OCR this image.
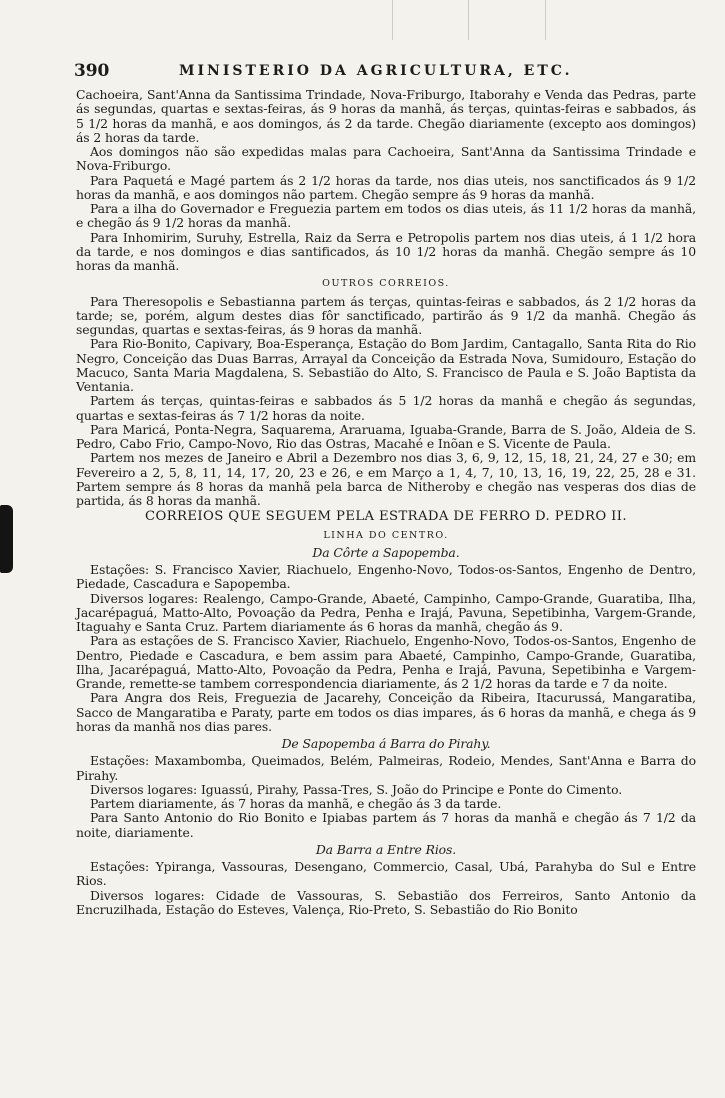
390	MINISTERIO DA AGRICULTURA, ETC.

Cachoeira, Sant'Anna da Santissima Trindade, Nova-Friburgo, Itaborahy e Venda das Pedras, parte ás segundas, quartas e sextas-feiras, ás 9 horas da manhã, ás terças, quintas-feiras e sabbados, ás 5 1/2 horas da manhã, e aos domingos, ás 2 da tarde. Chegão diariamente (excepto aos domingos) ás 2 horas da tarde.

Aos domingos não são expedidas malas para Cachoeira, Sant'Anna da Santissima Trindade e Nova-Friburgo.

Para Paquetá e Magé partem ás 2 1/2 horas da tarde, nos dias uteis, nos sanctificados ás 9 1/2 horas da manhã, e aos domingos não partem. Chegão sempre ás 9 horas da manhã.

Para a ilha do Governador e Freguezia partem em todos os dias uteis, ás 11 1/2 horas da manhã, e chegão ás 9 1/2 horas da manhã.

Para Inhomirim, Suruhy, Estrella, Raiz da Serra e Petropolis partem nos dias uteis, á 1 1/2 hora da tarde, e nos domingos e dias santificados, ás 10 1/2 horas da manhã. Chegão sempre ás 10 horas da manhã.

OUTROS CORREIOS.

Para Theresopolis e Sebastianna partem ás terças, quintas-feiras e sabbados, ás 2 1/2 horas da tarde; se, porém, algum destes dias fôr sanctificado, partirão ás 9 1/2 da manhã. Chegão ás segundas, quartas e sextas-feiras, ás 9 horas da manhã.

Para Rio-Bonito, Capivary, Boa-Esperança, Estação do Bom Jardim, Cantagallo, Santa Rita do Rio Negro, Conceição das Duas Barras, Arrayal da Conceição da Estrada Nova, Sumidouro, Estação do Macuco, Santa Maria Magdalena, S. Sebastião do Alto, S. Francisco de Paula e S. João Baptista da Ventania.

Partem ás terças, quintas-feiras e sabbados ás 5 1/2 horas da manhã e chegão ás segundas, quartas e sextas-feiras ás 7 1/2 horas da noite.

Para Maricá, Ponta-Negra, Saquarema, Araruama, Iguaba-Grande, Barra de S. João, Aldeia de S. Pedro, Cabo Frio, Campo-Novo, Rio das Ostras, Macahé e Inõan e S. Vicente de Paula.

Partem nos mezes de Janeiro e Abril a Dezembro nos dias 3, 6, 9, 12, 15, 18, 21, 24, 27 e 30; em Fevereiro a 2, 5, 8, 11, 14, 17, 20, 23 e 26, e em Março a 1, 4, 7, 10, 13, 16, 19, 22, 25, 28 e 31. Partem sempre ás 8 horas da manhã pela barca de Nitheroby e chegão nas vesperas dos dias de partida, ás 8 horas da manhã.

CORREIOS QUE SEGUEM PELA ESTRADA DE FERRO D. PEDRO II.
LINHA DO CENTRO.
Da Côrte a Sapopemba.

Estações: S. Francisco Xavier, Riachuelo, Engenho-Novo, Todos-os-Santos, Engenho de Dentro, Piedade, Cascadura e Sapopemba.

Diversos logares: Realengo, Campo-Grande, Abaeté, Campinho, Campo-Grande, Guaratiba, Ilha, Jacarépaguá, Matto-Alto, Povoação da Pedra, Penha e Irajá, Pavuna, Sepetibinha, Vargem-Grande, Itaguahy e Santa Cruz. Partem diariamente ás 6 horas da manhã, chegão ás 9.

Para as estações de S. Francisco Xavier, Riachuelo, Engenho-Novo, Todos-os-Santos, Engenho de Dentro, Piedade e Cascadura, e bem assim para Abaeté, Campinho, Campo-Grande, Guaratiba, Ilha, Jacarépaguá, Matto-Alto, Povoação da Pedra, Penha e Irajá, Pavuna, Sepetibinha e Vargem-Grande, remette-se tambem correspondencia diariamente, ás 2 1/2 horas da tarde e 7 da noite.

Para Angra dos Reis, Freguezia de Jacarehy, Conceição da Ribeira, Itacurussá, Mangaratiba, Sacco de Mangaratiba e Paraty, parte em todos os dias impares, ás 6 horas da manhã, e chega ás 9 horas da manhã nos dias pares.

De Sapopemba á Barra do Pirahy.

Estações: Maxambomba, Queimados, Belém, Palmeiras, Rodeio, Mendes, Sant'Anna e Barra do Pirahy.

Diversos logares: Iguassú, Pirahy, Passa-Tres, S. João do Principe e Ponte do Cimento.

Partem diariamente, ás 7 horas da manhã, e chegão ás 3 da tarde.

Para Santo Antonio do Rio Bonito e Ipiabas partem ás 7 horas da manhã e chegão ás 7 1/2 da noite, diariamente.

Da Barra a Entre Rios.

Estações: Ypiranga, Vassouras, Desengano, Commercio, Casal, Ubá, Parahyba do Sul e Entre Rios.

Diversos logares: Cidade de Vassouras, S. Sebastião dos Ferreiros, Santo Antonio da Encruzilhada, Estação do Esteves, Valença, Rio-Preto, S. Sebastião do Rio Bonito
